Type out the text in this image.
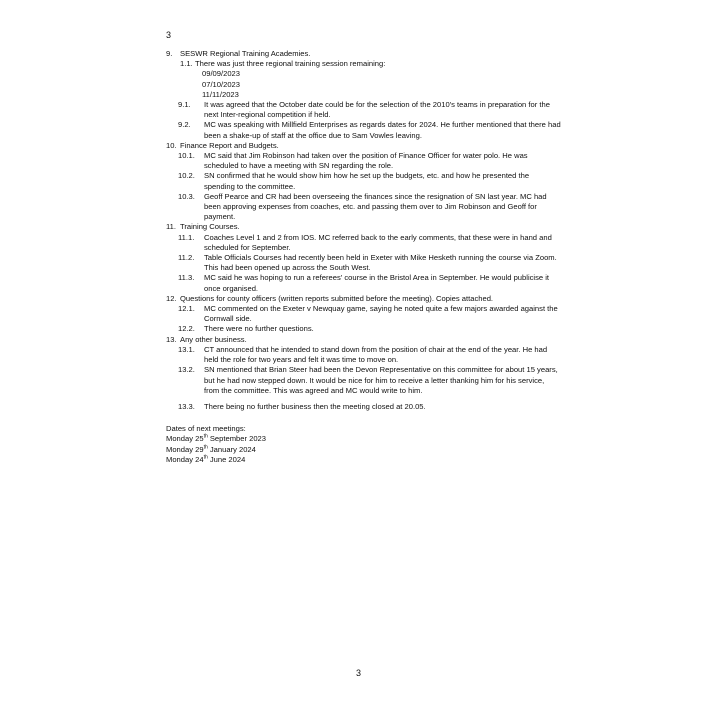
3
9. SESWR Regional Training Academies.
1.1. There was just three regional training session remaining:
09/09/2023
07/10/2023
11/11/2023
9.1. It was agreed that the October date could be for the selection of the 2010's teams in preparation for the next Inter-regional competition if held.
9.2. MC was speaking with Millfield Enterprises as regards dates for 2024. He further mentioned that there had been a shake-up of staff at the office due to Sam Vowles leaving.
10. Finance Report and Budgets.
10.1. MC said that Jim Robinson had taken over the position of Finance Officer for water polo. He was scheduled to have a meeting with SN regarding the role.
10.2. SN confirmed that he would show him how he set up the budgets, etc. and how he presented the spending to the committee.
10.3. Geoff Pearce and CR had been overseeing the finances since the resignation of SN last year. MC had been approving expenses from coaches, etc. and passing them over to Jim Robinson and Geoff for payment.
11. Training Courses.
11.1. Coaches Level 1 and 2 from IOS. MC referred back to the early comments, that these were in hand and scheduled for September.
11.2. Table Officials Courses had recently been held in Exeter with Mike Hesketh running the course via Zoom. This had been opened up across the South West.
11.3. MC said he was hoping to run a referees' course in the Bristol Area in September. He would publicise it once organised.
12. Questions for county officers (written reports submitted before the meeting). Copies attached.
12.1. MC commented on the Exeter v Newquay game, saying he noted quite a few majors awarded against the Cornwall side.
12.2. There were no further questions.
13. Any other business.
13.1. CT announced that he intended to stand down from the position of chair at the end of the year. He had held the role for two years and felt it was time to move on.
13.2. SN mentioned that Brian Steer had been the Devon Representative on this committee for about 15 years, but he had now stepped down. It would be nice for him to receive a letter thanking him for his service, from the committee. This was agreed and MC would write to him.
13.3. There being no further business then the meeting closed at 20.05.
Dates of next meetings:
Monday 25th September 2023
Monday 29th January 2024
Monday 24th June 2024
3
